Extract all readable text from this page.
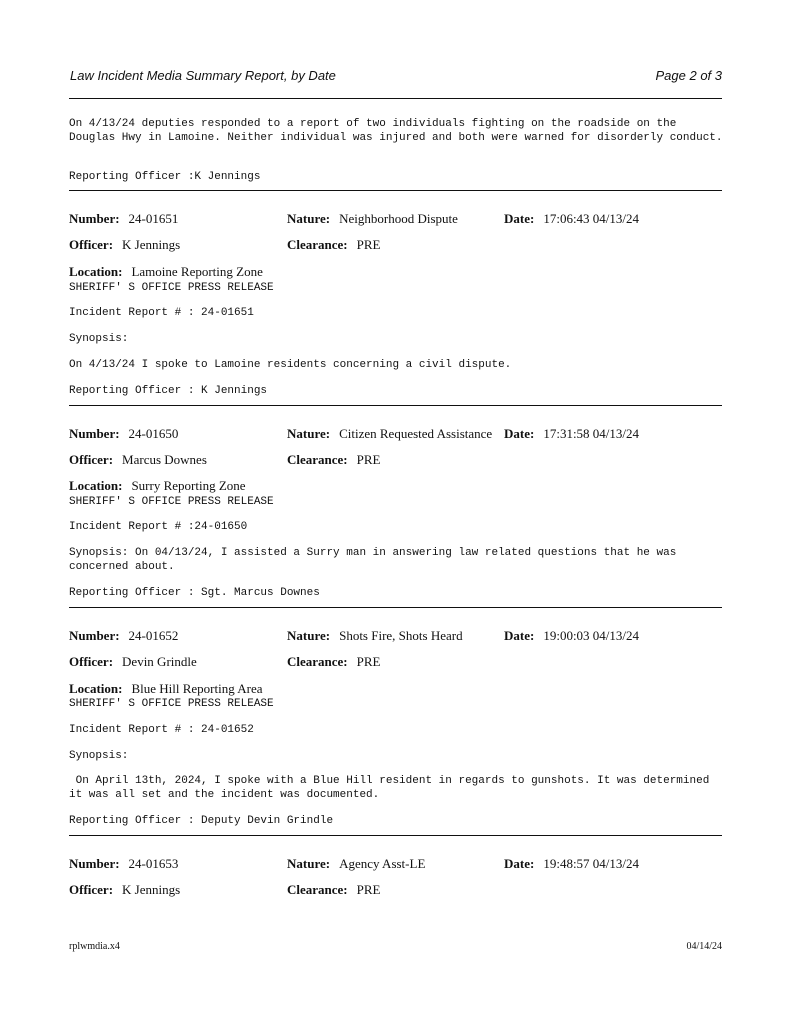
Law Incident Media Summary Report, by Date	Page 2 of 3
On 4/13/24 deputies responded to a report of two individuals fighting on the roadside on the Douglas Hwy in Lamoine. Neither individual was injured and both were warned for disorderly conduct.
Reporting Officer :K Jennings
Number: 24-01651	Nature: Neighborhood Dispute	Date: 17:06:43 04/13/24
Officer: K Jennings	Clearance: PRE
Location: Lamoine Reporting Zone
SHERIFF' S OFFICE PRESS RELEASE
Incident Report # : 24-01651
Synopsis:
On 4/13/24 I spoke to Lamoine residents concerning a civil dispute.
Reporting Officer : K Jennings
Number: 24-01650	Nature: Citizen Requested Assistance Date: 17:31:58 04/13/24
Officer: Marcus Downes	Clearance: PRE
Location: Surry Reporting Zone
SHERIFF' S OFFICE PRESS RELEASE
Incident Report # :24-01650
Synopsis: On 04/13/24, I assisted a Surry man in answering law related questions that he was concerned about.
Reporting Officer : Sgt. Marcus Downes
Number: 24-01652	Nature: Shots Fire, Shots Heard	Date: 19:00:03 04/13/24
Officer: Devin Grindle	Clearance: PRE
Location: Blue Hill Reporting Area
SHERIFF' S OFFICE PRESS RELEASE
Incident Report # : 24-01652
Synopsis:
On April 13th, 2024, I spoke with a Blue Hill resident in regards to gunshots. It was determined it was all set and the incident was documented.
Reporting Officer : Deputy Devin Grindle
Number: 24-01653	Nature: Agency Asst-LE	Date: 19:48:57 04/13/24
Officer: K Jennings	Clearance: PRE
rplwmdia.x4	04/14/24
